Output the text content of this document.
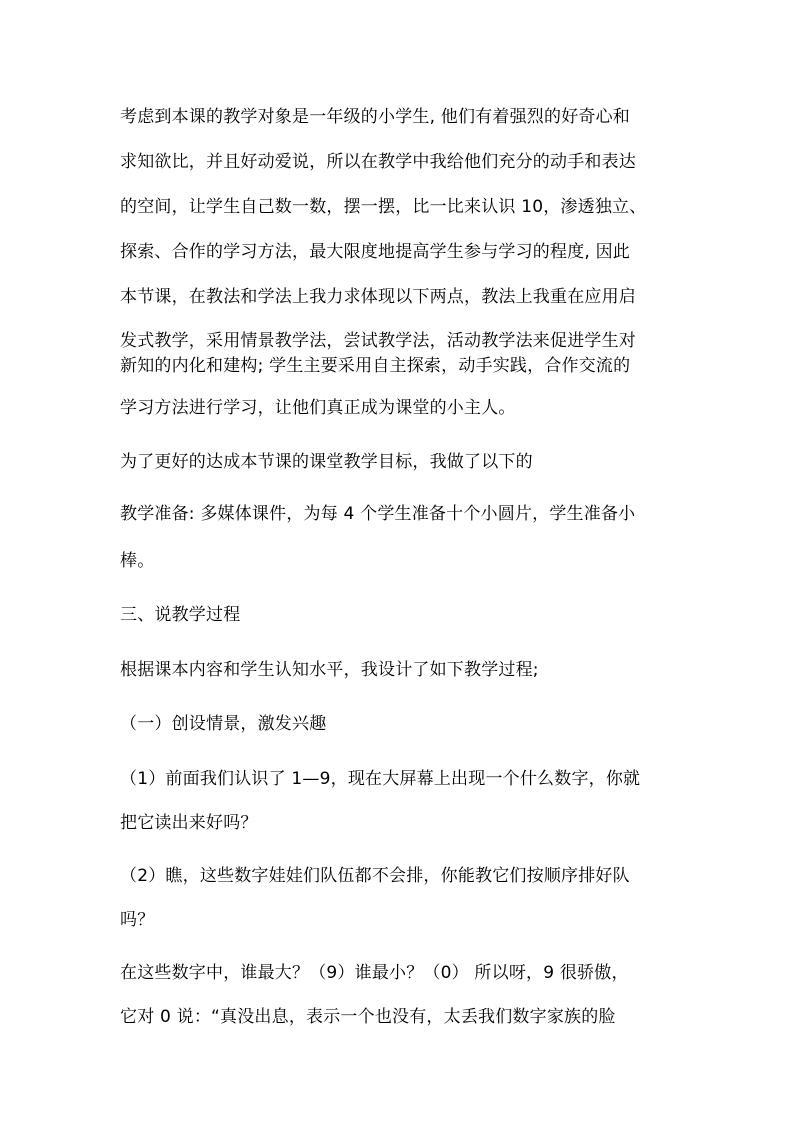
考虑到本课的教学对象是一年级的小学生, 他们有着强烈的好奇心和
求知欲比，并且好动爱说，所以在教学中我给他们充分的动手和表达
的空间，让学生自己数一数，摆一摆，比一比来认识 10，渗透独立、
探索、合作的学习方法，最大限度地提高学生参与学习的程度, 因此
本节课，在教法和学法上我力求体现以下两点，教法上我重在应用启
发式教学，采用情景教学法，尝试教学法，活动教学法来促进学生对
新知的内化和建构; 学生主要采用自主探索，动手实践，合作交流的
学习方法进行学习，让他们真正成为课堂的小主人。
为了更好的达成本节课的课堂教学目标，我做了以下的
教学准备: 多媒体课件，为每 4 个学生准备十个小圆片，学生准备小
棒。
三、说教学过程
根据课本内容和学生认知水平，我设计了如下教学过程;
（一）创设情景，激发兴趣
（1）前面我们认识了 1—9，现在大屏幕上出现一个什么数字，你就
把它读出来好吗？
（2）瞧，这些数字娃娃们队伍都不会排，你能教它们按顺序排好队
吗？
在这些数字中，谁最大？（9）谁最小？（0） 所以呀，9 很骄傲，
它对 0 说：“真没出息，表示一个也没有，太丢我们数字家族的脸
